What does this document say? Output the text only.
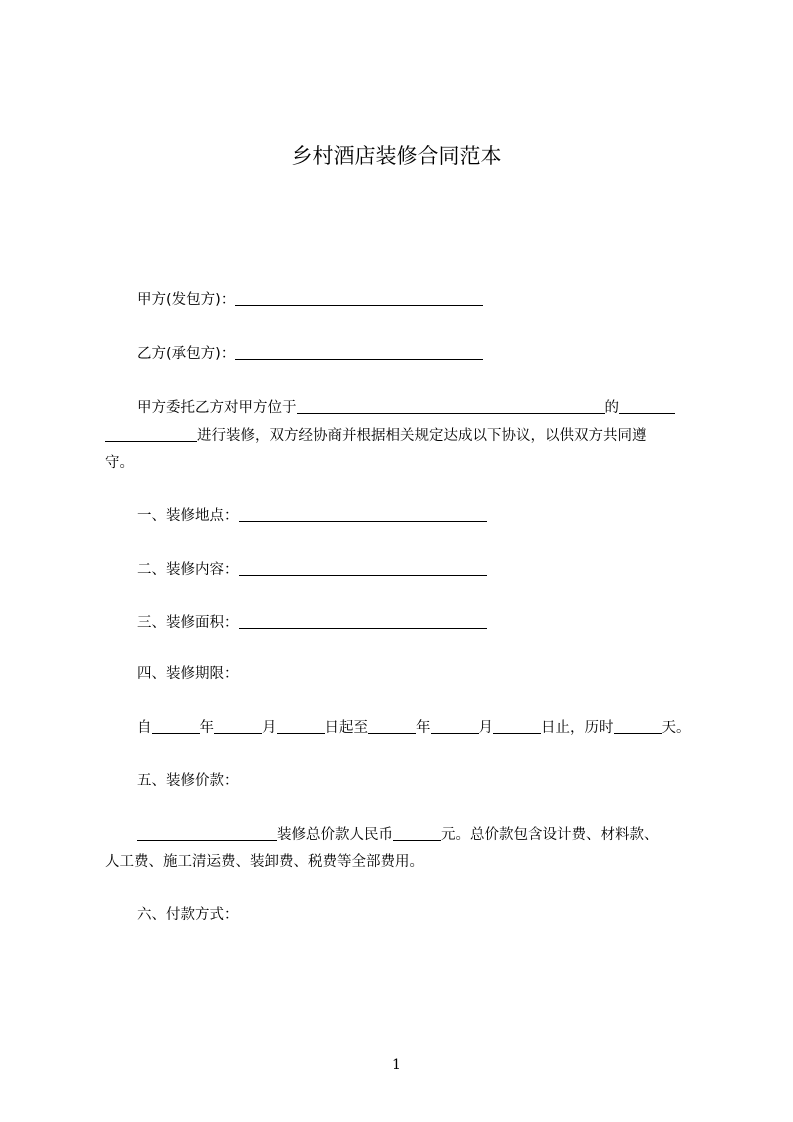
乡村酒店装修合同范本
甲方(发包方)：
乙方(承包方)：
甲方委托乙方对甲方位于	的
进行装修，双方经协商并根据相关规定达成以下协议，以供双方共同遵
守。
一、装修地点：
二、装修内容：
三、装修面积：
四、装修期限：
自	年	月	日起至	年	月	日止，历时	天。
五、装修价款：
装修总价款人民币	元。总价款包含设计费、材料款、
人工费、施工清运费、装卸费、税费等全部费用。
六、付款方式：
1
